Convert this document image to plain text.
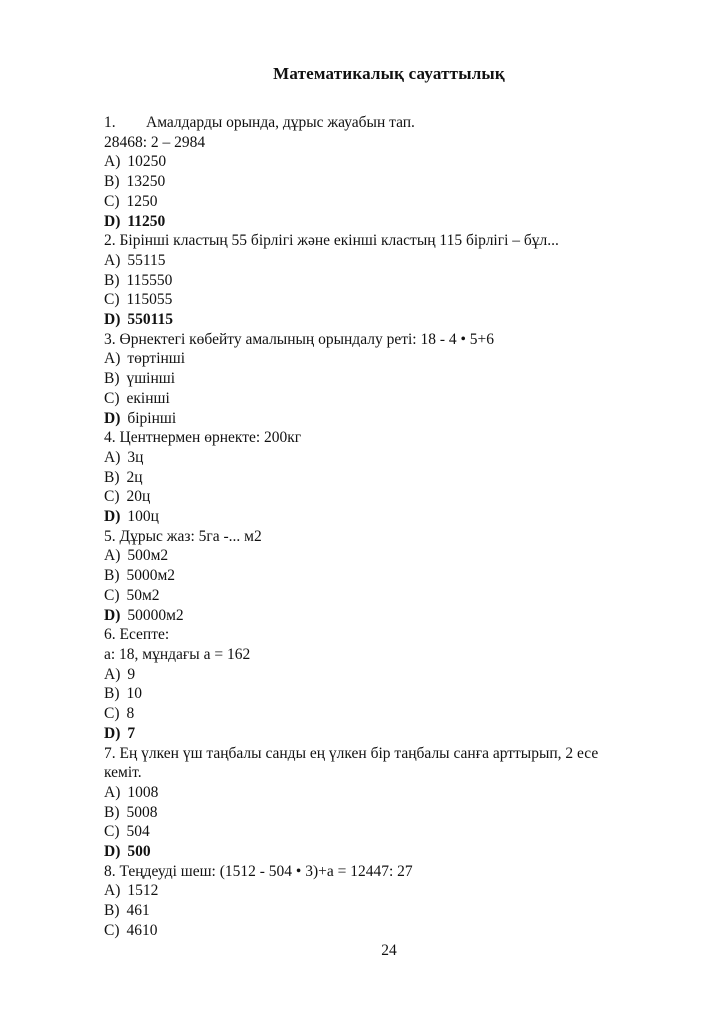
Математикалық сауаттылық
1. Амалдарды орында, дұрыс жауабын тап.
28468: 2 – 2984
A) 10250
B) 13250
C) 1250
D) 11250
2. Бірінші кластың 55 бірлігі және екінші кластың 115 бірлігі – бұл...
A) 55115
B) 115550
C) 115055
D) 550115
3. Өрнектегі көбейту амалының орындалу реті: 18 - 4 • 5+6
A) төртінші
B) үшінші
C) екінші
D) бірінші
4. Центнермен өрнекте: 200кг
A) 3ц
B) 2ц
C) 20ц
D) 100ц
5. Дұрыс жаз: 5га -... м2
A) 500м2
B) 5000м2
C) 50м2
D) 50000м2
6. Есепте:
а: 18, мұндағы а = 162
A) 9
B) 10
C) 8
D) 7
7. Ең үлкен үш таңбалы санды ең үлкен бір таңбалы санға арттырып, 2 есе
кеміт.
A) 1008
B) 5008
C) 504
D) 500
8. Теңдеуді шеш: (1512 - 504 • 3)+а = 12447: 27
A) 1512
B) 461
C) 4610
24
